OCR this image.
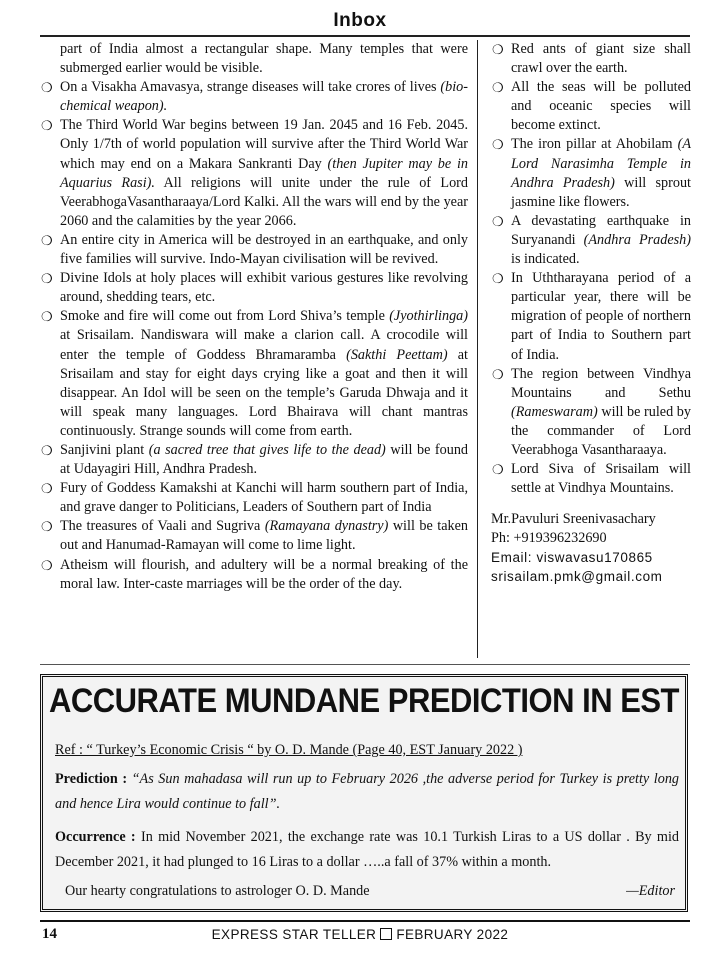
Inbox

part of India almost a rectangular shape. Many temples that were submerged earlier would be visible.

❍ On a Visakha Amavasya, strange diseases will take crores of lives (bio-chemical weapon).

❍ The Third World War begins between 19 Jan. 2045 and 16 Feb. 2045. Only 1/7th of world population will survive after the Third World War which may end on a Makara Sankranti Day (then Jupiter may be in Aquarius Rasi). All religions will unite under the rule of Lord VeerabhogaVasantharaaya/Lord Kalki. All the wars will end by the year 2060 and the calamities by the year 2066.

❍ An entire city in America will be destroyed in an earthquake, and only five families will survive. Indo-Mayan civilisation will be revived.

❍ Divine Idols at holy places will exhibit various gestures like revolving around, shedding tears, etc.

❍ Smoke and fire will come out from Lord Shiva’s temple (Jyothirlinga) at Srisailam. Nandiswara will make a clarion call. A crocodile will enter the temple of Goddess Bhramaramba (Sakthi Peettam) at Srisailam and stay for eight days crying like a goat and then it will disappear. An Idol will be seen on the temple’s Garuda Dhwaja and it will speak many languages. Lord Bhairava will chant mantras continuously. Strange sounds will come from earth.

❍ Sanjivini plant (a sacred tree that gives life to the dead) will be found at Udayagiri Hill, Andhra Pradesh.

❍ Fury of Goddess Kamakshi at Kanchi will harm southern part of India, and grave danger to Politicians, Leaders of Southern part of India

❍ The treasures of Vaali and Sugriva (Ramayana dynastry) will be taken out and Hanumad-Ramayan will come to lime light.

❍ Atheism will flourish, and adultery will be a normal breaking of the moral law. Inter-caste marriages will be the order of the day.

❍ Red ants of giant size shall crawl over the earth.

❍ All the seas will be polluted and oceanic species will become extinct.

❍ The iron pillar at Ahobilam (A Lord Narasimha Temple in Andhra Pradesh) will sprout jasmine like flowers.

❍ A devastating earthquake in Suryanandi (Andhra Pradesh) is indicated.

❍ In Uththarayana period of a particular year, there will be migration of people of northern part of India to Southern part of India.

❍ The region between Vindhya Mountains and Sethu (Rameswaram) will be ruled by the commander of Lord Veerabhoga Vasantharaaya.

❍ Lord Siva of Srisailam will settle at Vindhya Mountains.

Mr.Pavuluri Sreenivasachary
Ph: +919396232690
Email: viswavasu170865
srisailam.pmk@gmail.com
ACCURATE MUNDANE PREDICTION IN EST
Ref : “ Turkey’s Economic Crisis “ by O. D. Mande (Page 40, EST January 2022 )
Prediction : “As Sun mahadasa will run up to February 2026 ,the adverse period for Turkey is pretty long and hence Lira would continue to fall”.
Occurrence : In mid November 2021, the exchange rate was 10.1 Turkish Liras to a US dollar . By mid December 2021, it had plunged to 16 Liras to a dollar …..a fall of 37% within a month.
Our hearty congratulations to astrologer O. D. Mande	—Editor
14	EXPRESS STAR TELLER FEBRUARY 2022
